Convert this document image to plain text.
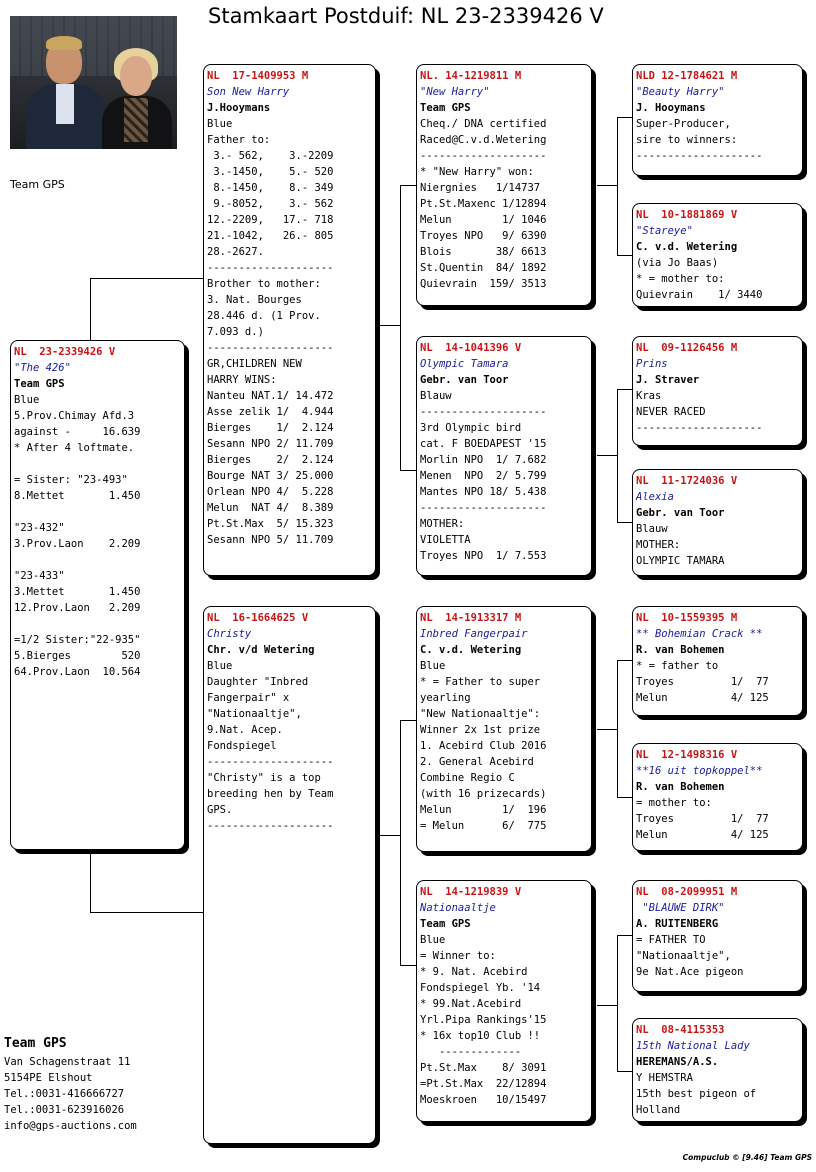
Stamkaart Postduif: NL 23-2339426 V
Team GPS
NL  23-2339426 V
"The 426"
Team GPS
Blue
5.Prov.Chimay Afd.3
against -     16.639
* After 4 loftmate.

= Sister: "23-493"
8.Mettet       1.450

"23-432"
3.Prov.Laon    2.209

"23-433"
3.Mettet       1.450
12.Prov.Laon   2.209

=1/2 Sister:"22-935"
5.Bierges        520
64.Prov.Laon  10.564
NL  17-1409953 M
Son New Harry
J.Hooymans
Blue
Father to:
3.- 562,    3.-2209
3.-1450,    5.- 520
8.-1450,    8.- 349
9.-8052,    3.- 562
12.-2209,   17.- 718
21.-1042,   26.- 805
28.-2627.
--------------------
Brother to mother:
3. Nat. Bourges
28.446 d. (1 Prov.
7.093 d.)
--------------------
GR,CHILDREN NEW
HARRY WINS:
Nanteu NAT.1/ 14.472
Asse zelik 1/  4.944
Bierges    1/  2.124
Sesann NPO 2/ 11.709
Bierges    2/  2.124
Bourge NAT 3/ 25.000
Orlean NPO 4/  5.228
Melun  NAT 4/  8.389
Pt.St.Max  5/ 15.323
Sesann NPO 5/ 11.709
NL  16-1664625 V
Christy
Chr. v/d Wetering
Blue
Daughter "Inbred
Fangerpair" x
"Nationaaltje",
9.Nat. Acep.
Fondspiegel
--------------------
"Christy" is a top
breeding hen by Team
GPS.
--------------------
NL. 14-1219811 M
"New Harry"
Team GPS
Cheq./ DNA certified
Raced@C.v.d.Wetering
--------------------
* "New Harry" won:
Niergnies   1/14737
Pt.St.Maxenc 1/12894
Melun        1/ 1046
Troyes NPO   9/ 6390
Blois       38/ 6613
St.Quentin  84/ 1892
Quievrain  159/ 3513
NL  14-1041396 V
Olympic Tamara
Gebr. van Toor
Blauw
--------------------
3rd Olympic bird
cat. F BOEDAPEST '15
Morlin NPO  1/ 7.682
Menen  NPO  2/ 5.799
Mantes NPO 18/ 5.438
--------------------
MOTHER:
VIOLETTA
Troyes NPO  1/ 7.553
NL  14-1913317 M
Inbred Fangerpair
C. v.d. Wetering
Blue
* = Father to super
yearling
"New Nationaaltje":
Winner 2x 1st prize
1. Acebird Club 2016
2. General Acebird
Combine Regio C
(with 16 prizecards)
Melun        1/  196
= Melun      6/  775
NL  14-1219839 V
Nationaaltje
Team GPS
Blue
= Winner to:
* 9. Nat. Acebird
Fondspiegel Yb. '14
* 99.Nat.Acebird
Yrl.Pipa Rankings'15
* 16x top10 Club !!
-------------
Pt.St.Max    8/ 3091
=Pt.St.Max  22/12894
Moeskroen   10/15497
NLD 12-1784621 M
"Beauty Harry"
J. Hooymans
Super-Producer,
sire to winners:
--------------------
NL  10-1881869 V
"Stareye"
C. v.d. Wetering
(via Jo Baas)
* = mother to:
Quievrain    1/ 3440
NL  09-1126456 M
Prins
J. Straver
Kras
NEVER RACED
--------------------
NL  11-1724036 V
Alexia
Gebr. van Toor
Blauw
MOTHER:
OLYMPIC TAMARA
NL  10-1559395 M
** Bohemian Crack **
R. van Bohemen
* = father to
Troyes         1/  77
Melun          4/ 125
NL  12-1498316 V
**16 uit topkoppel**
R. van Bohemen
= mother to:
Troyes         1/  77
Melun          4/ 125
NL  08-2099951 M
"BLAUWE DIRK"
A. RUITENBERG
= FATHER TO
"Nationaaltje",
9e Nat.Ace pigeon
NL  08-4115353
15th National Lady
HEREMANS/A.S.
Y HEMSTRA
15th best pigeon of
Holland
Team GPS
Van Schagenstraat 11
5154PE Elshout
Tel.:0031-416666727
Tel.:0031-623916026
info@gps-auctions.com
Compuclub © [9.46] Team GPS
